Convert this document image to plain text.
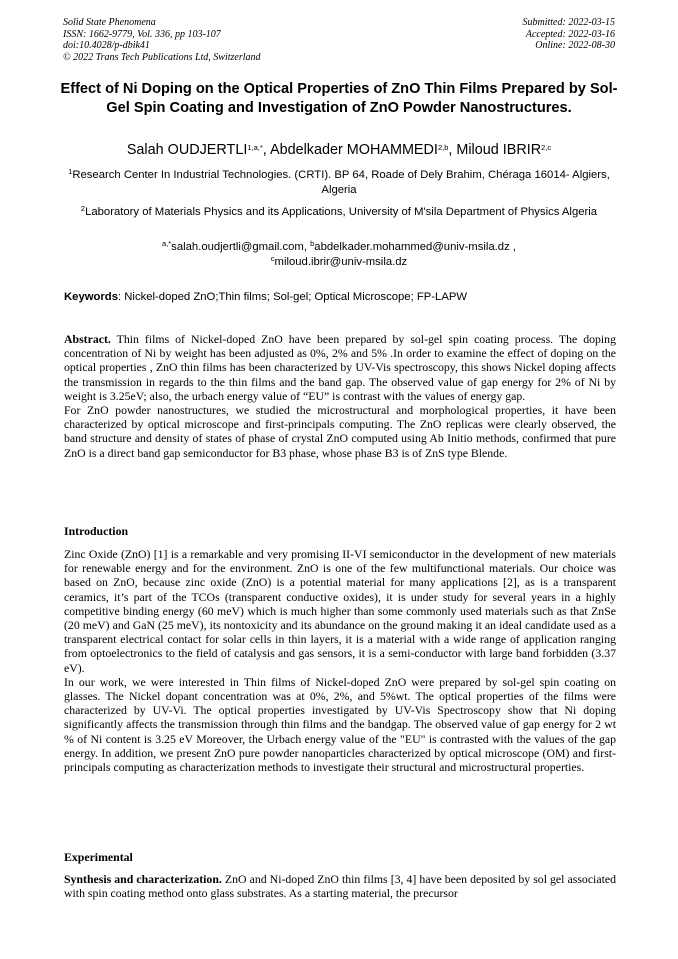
Solid State Phenomena
ISSN: 1662-9779, Vol. 336, pp 103-107
doi:10.4028/p-dbik41
© 2022 Trans Tech Publications Ltd, Switzerland
Submitted: 2022-03-15
Accepted: 2022-03-16
Online: 2022-08-30
Effect of Ni Doping on the Optical Properties of ZnO Thin Films Prepared by Sol-Gel Spin Coating and Investigation of ZnO Powder Nanostructures.
Salah $OUDJERTLI^{1,a,*}$, Abdelkader MOHAMMEDI$^{2,b}$, Miloud IBRIR$^{2,c}$
$^1$Research Center In Industrial Technologies. (CRTI). BP 64, Roade of Dely Brahim, Chéraga 16014- Algiers, Algeria
$^2$Laboratory of Materials Physics and its Applications, University of M'sila Department of Physics Algeria
$^{a,*}$salah.oudjertli@gmail.com, $^b$abdelkader.mohammed@univ-msila.dz ,
$^c$miloud.ibrir@univ-msila.dz
Keywords: Nickel-doped ZnO;Thin films; Sol-gel; Optical Microscope; FP-LAPW

Abstract. Thin films of Nickel-doped ZnO have been prepared by sol-gel spin coating process. The doping concentration of Ni by weight has been adjusted as 0%, 2% and 5% .In order to examine the effect of doping on the optical properties , ZnO thin films has been characterized by UV-Vis spectroscopy, this shows Nickel doping affects the transmission in regards to the thin films and the band gap. The observed value of gap energy for 2% of Ni by weight is 3.25eV; also, the urbach energy value of “EU” is contrast with the values of energy gap.

For ZnO powder nanostructures, we studied the microstructural and morphological properties, it have been characterized by optical microscope and first-principals computing. The ZnO replicas were clearly observed, the band structure and density of states of phase of crystal ZnO computed using Ab Initio methods, confirmed that pure ZnO is a direct band gap semiconductor for B3 phase, whose phase B3 is of ZnS type Blende.

Introduction

Zinc Oxide (ZnO) [1] is a remarkable and very promising II-VI semiconductor in the development of new materials for renewable energy and for the environment. ZnO is one of the few multifunctional materials. Our choice was based on ZnO, because zinc oxide (ZnO) is a potential material for many applications [2], as is a transparent ceramics, it’s part of the TCOs (transparent conductive oxides), it is under study for several years in a highly competitive binding energy (60 meV) which is much higher than some commonly used materials such as that ZnSe (20 meV) and GaN (25 meV), its nontoxicity and its abundance on the ground making it an ideal candidate used as a transparent electrical contact for solar cells in thin layers, it is a material with a wide range of application ranging from optoelectronics to the field of catalysis and gas sensors, it is a semi-conductor with large band forbidden (3.37 eV).

In our work, we were interested in Thin films of Nickel-doped ZnO were prepared by sol-gel spin coating on glasses. The Nickel dopant concentration was at 0%, 2%, and 5%wt. The optical properties of the films were characterized by UV-Vi. The optical properties investigated by UV-Vis Spectroscopy show that Ni doping significantly affects the transmission through thin films and the bandgap. The observed value of gap energy for 2 wt % of Ni content is 3.25 eV Moreover, the Urbach energy value of the "EU" is contrasted with the values of the gap energy. In addition, we present ZnO pure powder nanoparticles characterized by optical microscope (OM) and first-principals computing as characterization methods to investigate their structural and microstructural properties.

Experimental

Synthesis and characterization. ZnO and Ni-doped ZnO thin films [3, 4] have been deposited by sol gel associated with spin coating method onto glass substrates. As a starting material, the precursor
